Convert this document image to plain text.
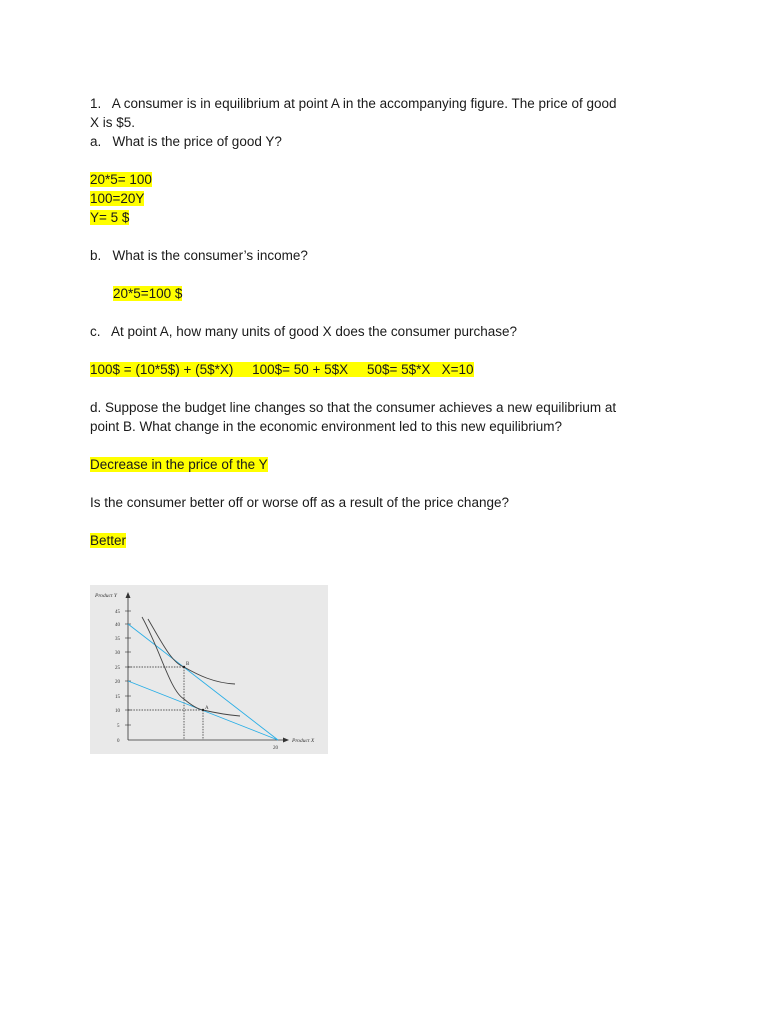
1.   A consumer is in equilibrium at point A in the accompanying figure. The price of good
X is $5.
a.   What is the price of good Y?
20*5= 100
100=20Y
Y= 5 $
b.   What is the consumer’s income?
20*5=100 $
c.   At point A, how many units of good X does the consumer purchase?
100$ = (10*5$) + (5$*X)     100$= 50 + 5$X     50$= 5$*X   X=10
d. Suppose the budget line changes so that the consumer achieves a new equilibrium at
point B. What change in the economic environment led to this new equilibrium?
Decrease in the price of the Y
Is the consumer better off or worse off as a result of the price change?
Better
Product Y
Product X
45
40
35
30
25
20
15
10
5
0
20
B
A
